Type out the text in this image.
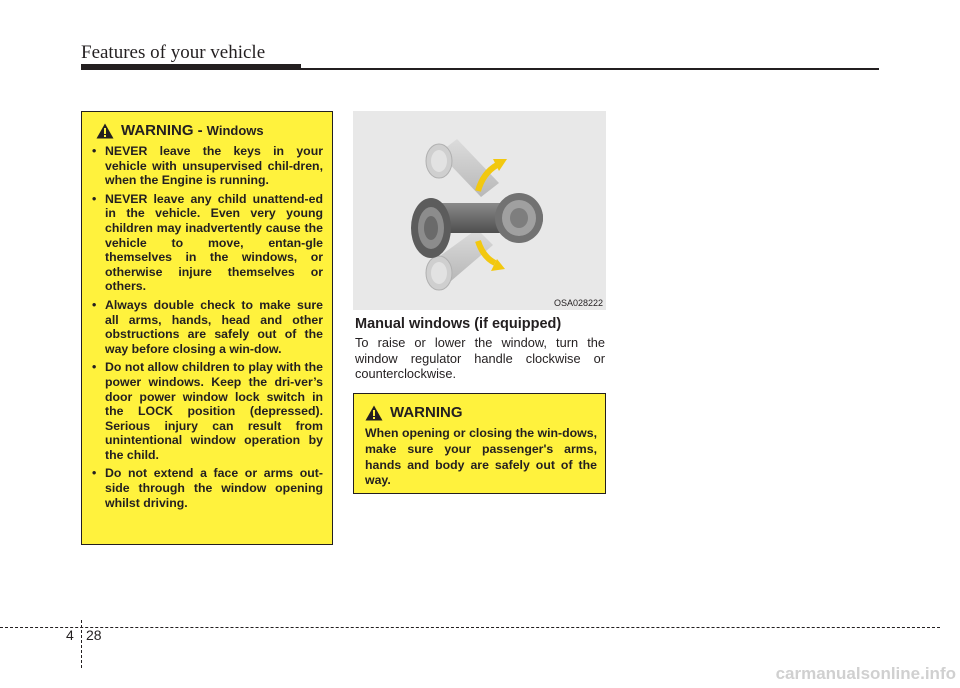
Features of your vehicle
WARNING - Windows
• NEVER leave the keys in your vehicle with unsupervised chil-dren, when the Engine is running.
• NEVER leave any child unattend-ed in the vehicle. Even very young children may inadvertently cause the vehicle to move, entan-gle themselves in the windows, or otherwise injure themselves or others.
• Always double check to make sure all arms, hands, head and other obstructions are safely out of the way before closing a win-dow.
• Do not allow children to play with the power windows. Keep the dri-ver’s door power window lock switch in the LOCK position (depressed). Serious injury can result from unintentional window operation by the child.
• Do not extend a face or arms out-side through the window opening whilst driving.
OSA028222
Manual windows (if equipped)

To raise or lower the window, turn the window regulator handle clockwise or counterclockwise.

WARNING

When opening or closing the win-dows, make sure your passenger's arms, hands and body are safely out of the way.

4 28
carmanualsonline.info
